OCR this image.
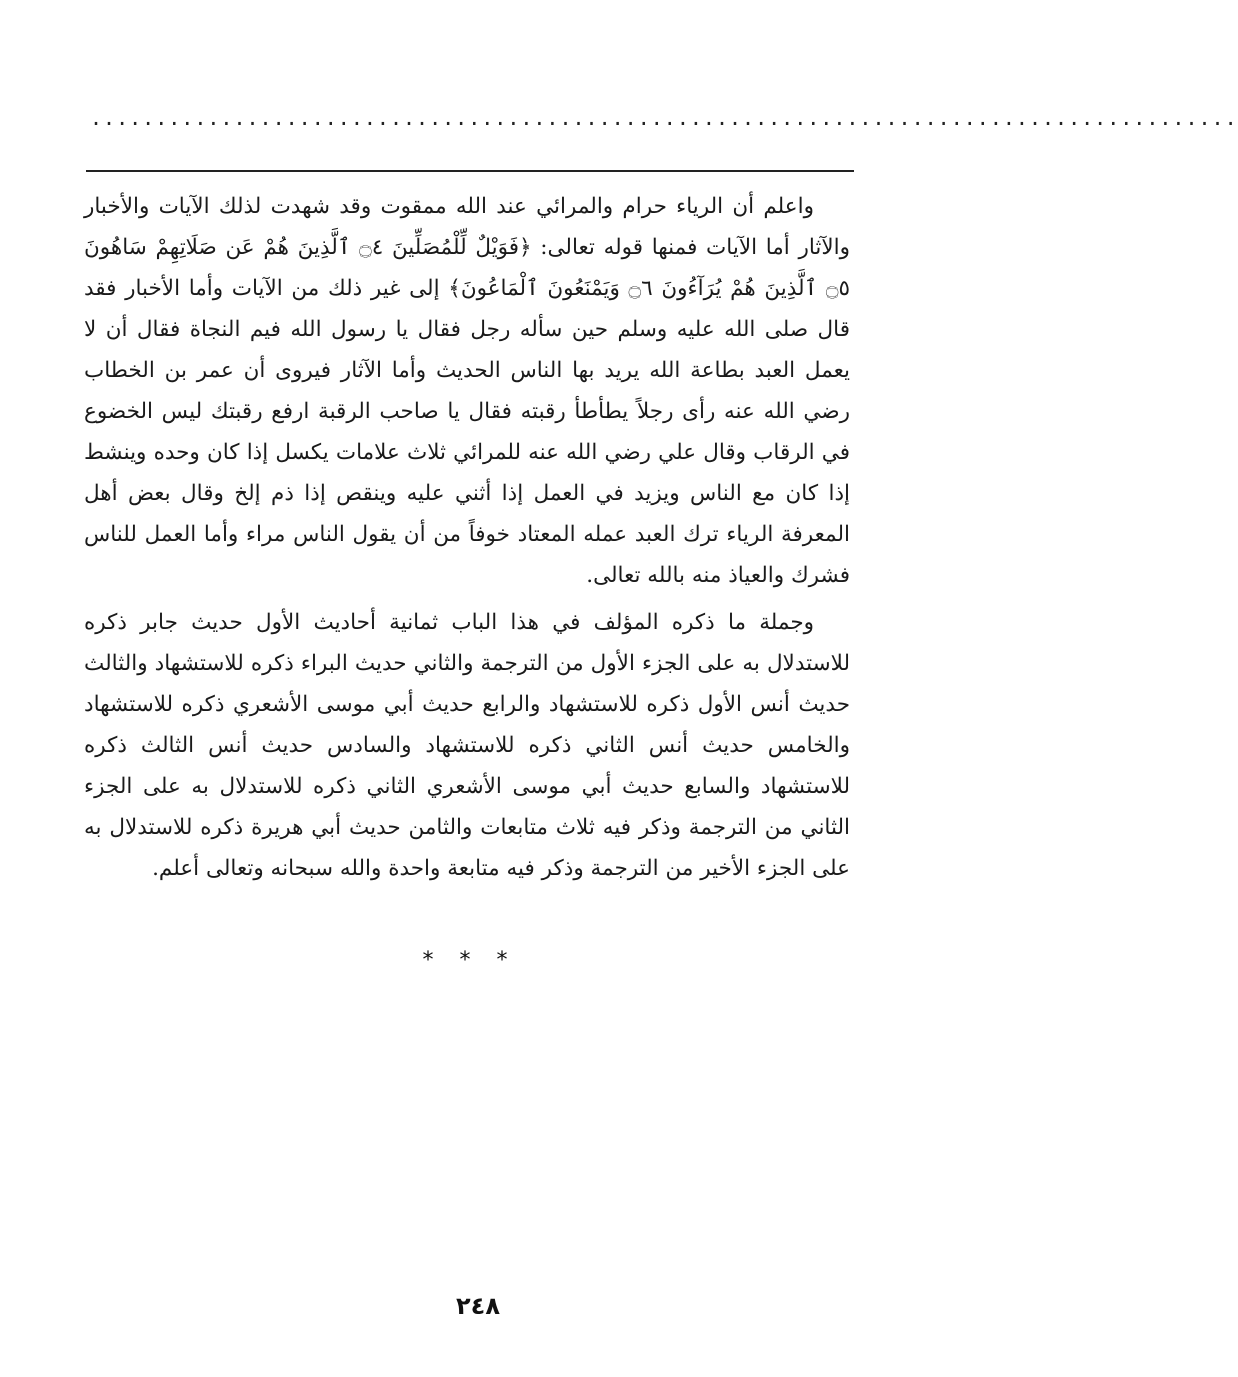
........................................................................................

واعلم أن الرياء حرام والمرائي عند الله ممقوت وقد شهدت لذلك الآيات والأخبار والآثار أما الآيات فمنها قوله تعالى: ﴿فَوَيْلٌ لِّلْمُصَلِّينَ ۝٤ ٱلَّذِينَ هُمْ عَن صَلَاتِهِمْ سَاهُونَ ۝٥ ٱلَّذِينَ هُمْ يُرَآءُونَ ۝٦ وَيَمْنَعُونَ ٱلْمَاعُونَ﴾ إلى غير ذلك من الآيات وأما الأخبار فقد قال صلى الله عليه وسلم حين سأله رجل فقال يا رسول الله فيم النجاة فقال أن لا يعمل العبد بطاعة الله يريد بها الناس الحديث وأما الآثار فيروى أن عمر بن الخطاب رضي الله عنه رأى رجلاً يطأطأ رقبته فقال يا صاحب الرقبة ارفع رقبتك ليس الخضوع في الرقاب وقال علي رضي الله عنه للمرائي ثلاث علامات يكسل إذا كان وحده وينشط إذا كان مع الناس ويزيد في العمل إذا أثني عليه وينقص إذا ذم إلخ وقال بعض أهل المعرفة الرياء ترك العبد عمله المعتاد خوفاً من أن يقول الناس مراء وأما العمل للناس فشرك والعياذ منه بالله تعالى.

وجملة ما ذكره المؤلف في هذا الباب ثمانية أحاديث الأول حديث جابر ذكره للاستدلال به على الجزء الأول من الترجمة والثاني حديث البراء ذكره للاستشهاد والثالث حديث أنس الأول ذكره للاستشهاد والرابع حديث أبي موسى الأشعري ذكره للاستشهاد والخامس حديث أنس الثاني ذكره للاستشهاد والسادس حديث أنس الثالث ذكره للاستشهاد والسابع حديث أبي موسى الأشعري الثاني ذكره للاستدلال به على الجزء الثاني من الترجمة وذكر فيه ثلاث متابعات والثامن حديث أبي هريرة ذكره للاستدلال به على الجزء الأخير من الترجمة وذكر فيه متابعة واحدة والله سبحانه وتعالى أعلم.

***
٢٤٨
